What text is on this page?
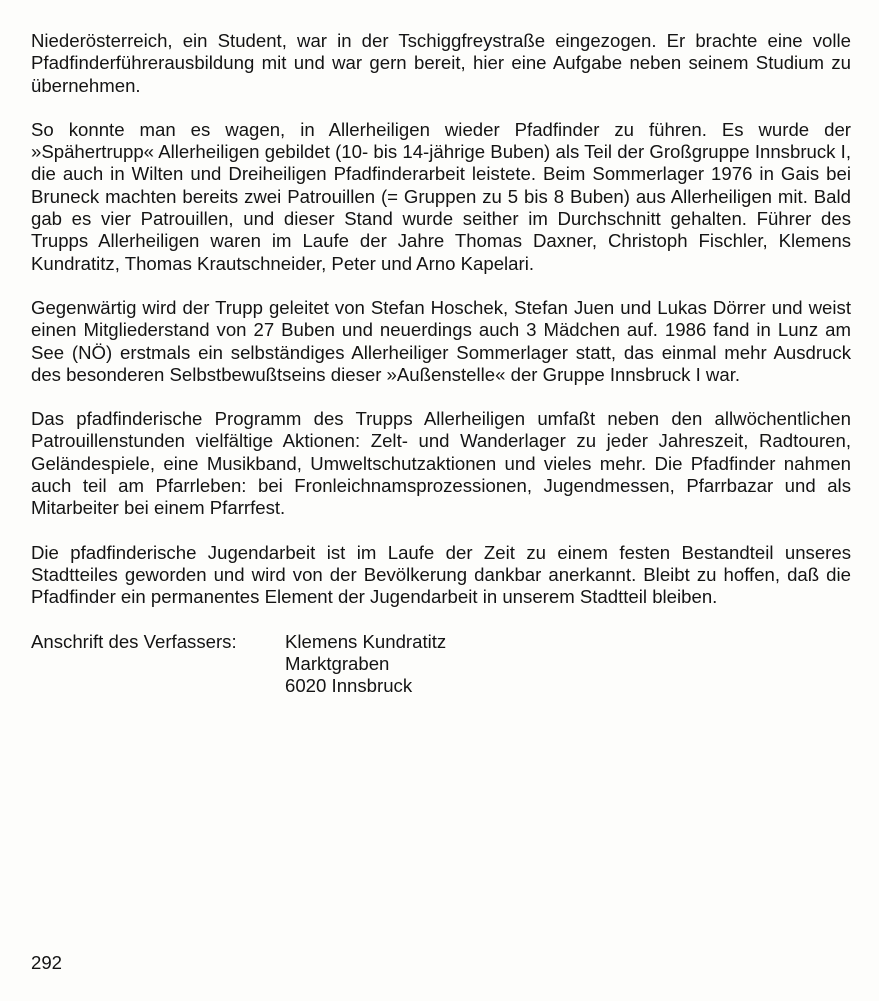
Niederösterreich, ein Student, war in der Tschiggfreystraße eingezogen. Er brachte eine volle Pfadfinderführerausbildung mit und war gern bereit, hier eine Aufgabe neben seinem Studium zu übernehmen.

So konnte man es wagen, in Allerheiligen wieder Pfadfinder zu führen. Es wurde der »Spähertrupp« Allerheiligen gebildet (10- bis 14-jährige Buben) als Teil der Großgruppe Innsbruck I, die auch in Wilten und Dreiheiligen Pfadfinderarbeit leistete. Beim Sommerlager 1976 in Gais bei Bruneck machten bereits zwei Patrouillen (= Gruppen zu 5 bis 8 Buben) aus Allerheiligen mit. Bald gab es vier Patrouillen, und dieser Stand wurde seither im Durchschnitt gehalten. Führer des Trupps Allerheiligen waren im Laufe der Jahre Thomas Daxner, Christoph Fischler, Klemens Kundratitz, Thomas Krautschneider, Peter und Arno Kapelari.

Gegenwärtig wird der Trupp geleitet von Stefan Hoschek, Stefan Juen und Lukas Dörrer und weist einen Mitgliederstand von 27 Buben und neuerdings auch 3 Mädchen auf. 1986 fand in Lunz am See (NÖ) erstmals ein selbständiges Allerheiliger Sommerlager statt, das einmal mehr Ausdruck des besonderen Selbstbewußtseins dieser »Außenstelle« der Gruppe Innsbruck I war.

Das pfadfinderische Programm des Trupps Allerheiligen umfaßt neben den allwöchentlichen Patrouillenstunden vielfältige Aktionen: Zelt- und Wanderlager zu jeder Jahreszeit, Radtouren, Geländespiele, eine Musikband, Umweltschutzaktionen und vieles mehr. Die Pfadfinder nahmen auch teil am Pfarrleben: bei Fronleichnamsprozessionen, Jugendmessen, Pfarrbazar und als Mitarbeiter bei einem Pfarrfest.

Die pfadfinderische Jugendarbeit ist im Laufe der Zeit zu einem festen Bestandteil unseres Stadtteiles geworden und wird von der Bevölkerung dankbar anerkannt. Bleibt zu hoffen, daß die Pfadfinder ein permanentes Element der Jugendarbeit in unserem Stadtteil bleiben.

Anschrift des Verfassers:	Klemens Kundratitz
Marktgraben
6020 Innsbruck
292
